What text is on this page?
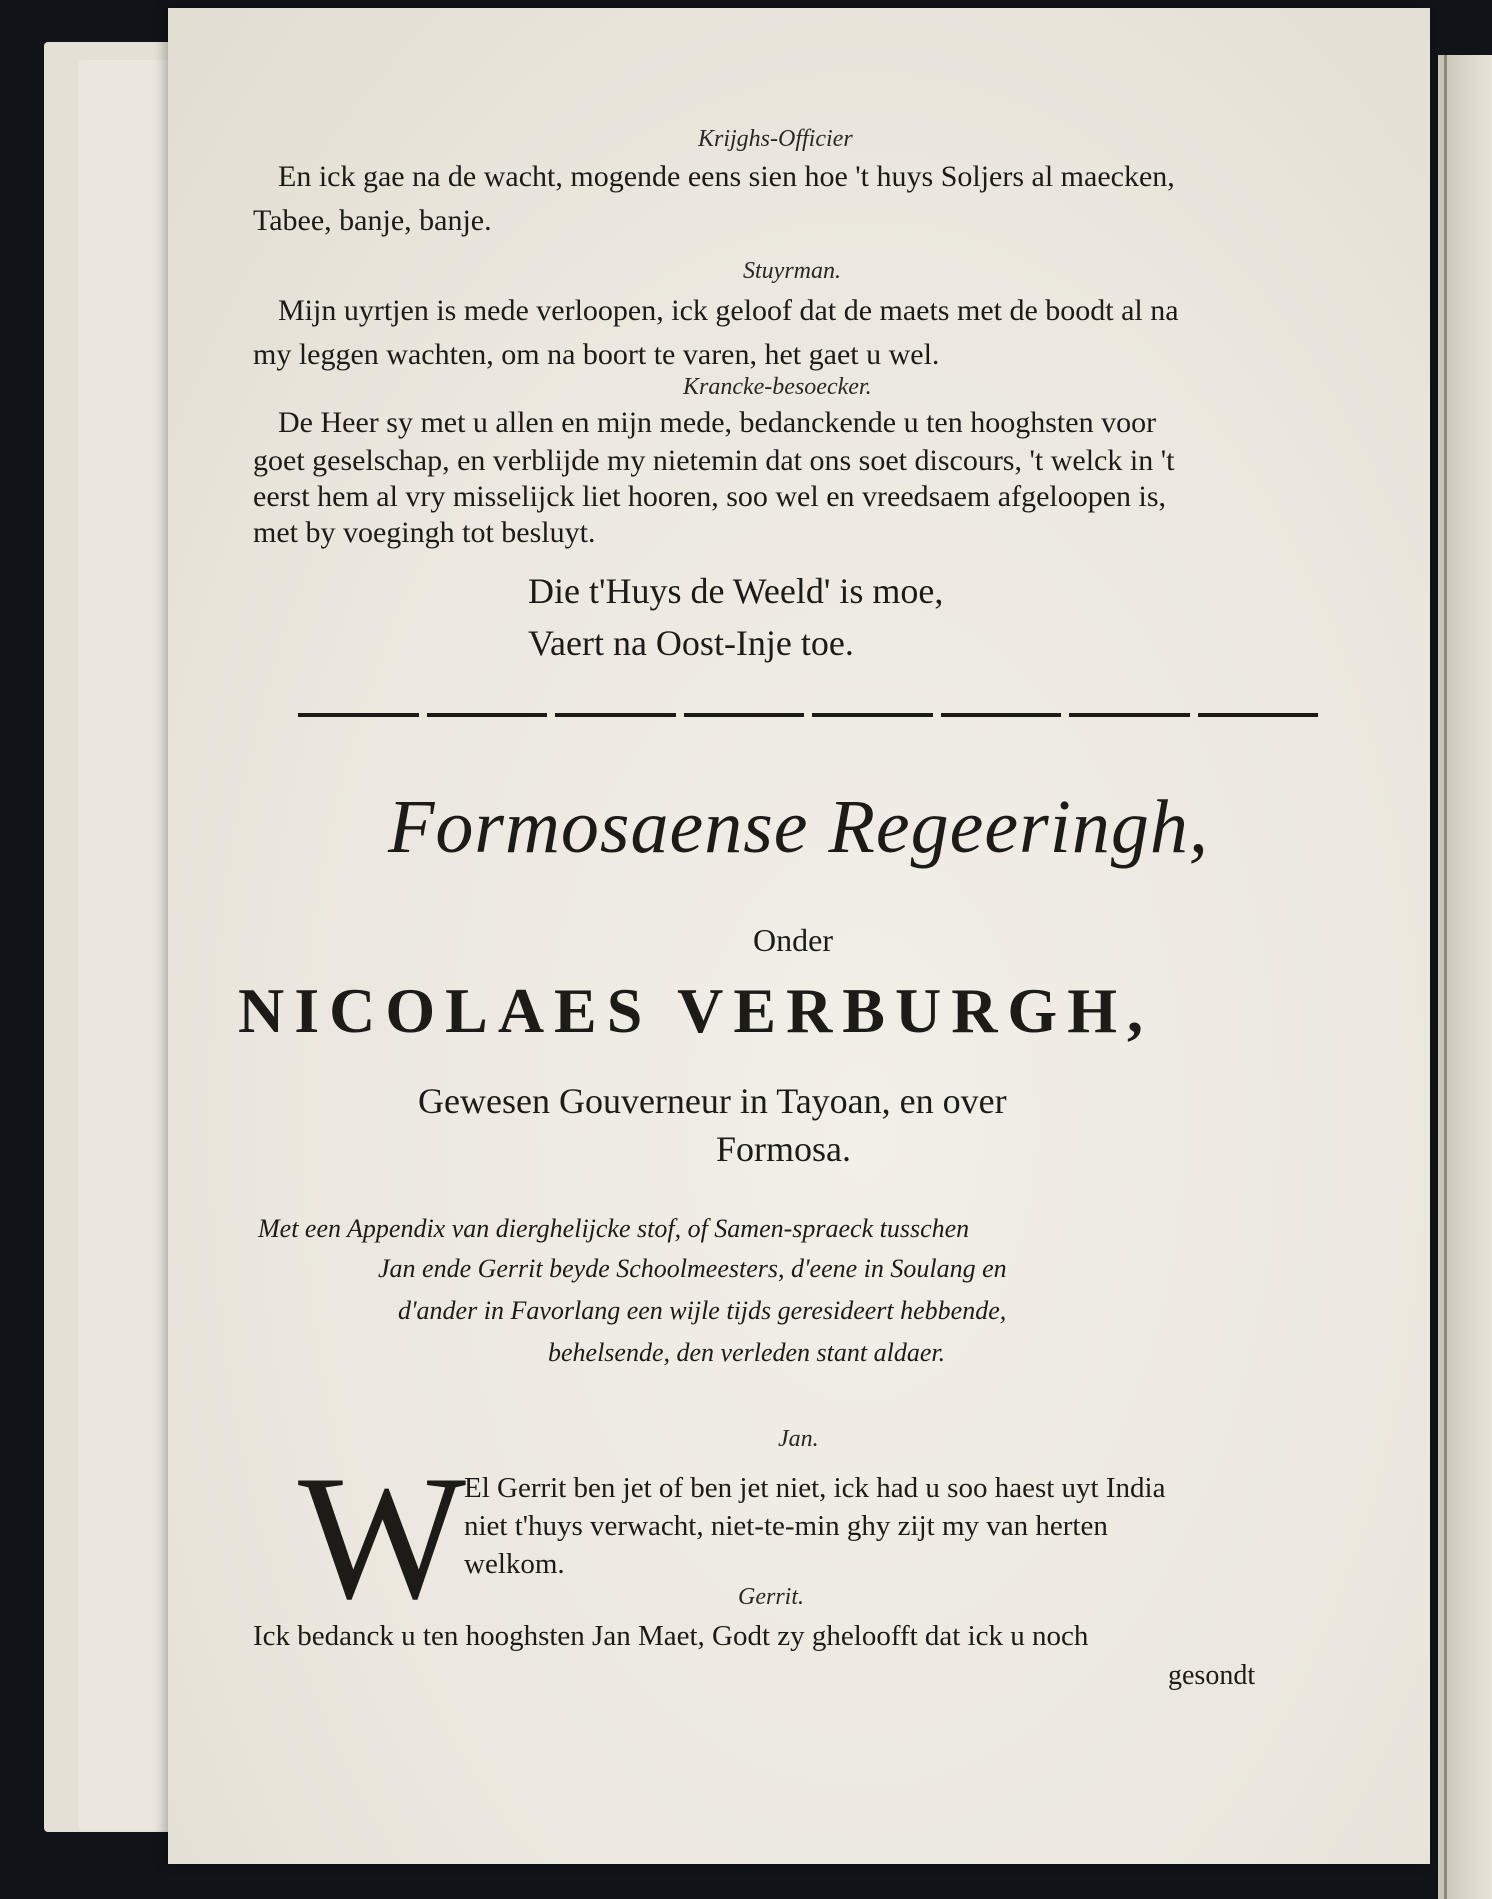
Krijghs-Officier
En ick gae na de wacht, mogende eens sien hoe 't huys Soljers al maecken,
Tabee, banje, banje.
Stuyrman.
Mijn uyrtjen is mede verloopen, ick geloof dat de maets met de boodt al na
my leggen wachten, om na boort te varen, het gaet u wel.
Krancke-besoecker.
De Heer sy met u allen en mijn mede, bedanckende u ten hooghsten voor
goet geselschap, en verblijde my nietemin dat ons soet discours, 't welck in 't
eerst hem al vry misselijck liet hooren, soo wel en vreedsaem afgeloopen is,
met by voegingh tot besluyt.
Die t'Huys de Weeld' is moe,
Vaert na Oost-Inje toe.
Formosaense Regeeringh,
Onder
NICOLAES VERBURGH,
Gewesen Gouverneur in Tayoan, en over
Formosa.
Met een Appendix van dierghelijcke stof, of Samen-spraeck tusschen
Jan ende Gerrit beyde Schoolmeesters, d'eene in Soulang en
d'ander in Favorlang een wijle tijds geresideert hebbende,
behelsende, den verleden stant aldaer.
Jan.
W
El Gerrit ben jet of ben jet niet, ick had u soo haest uyt India
niet t'huys verwacht, niet-te-min ghy zijt my van herten
welkom.
Gerrit.
Ick bedanck u ten hooghsten Jan Maet, Godt zy gheloofft dat ick u noch
gesondt
